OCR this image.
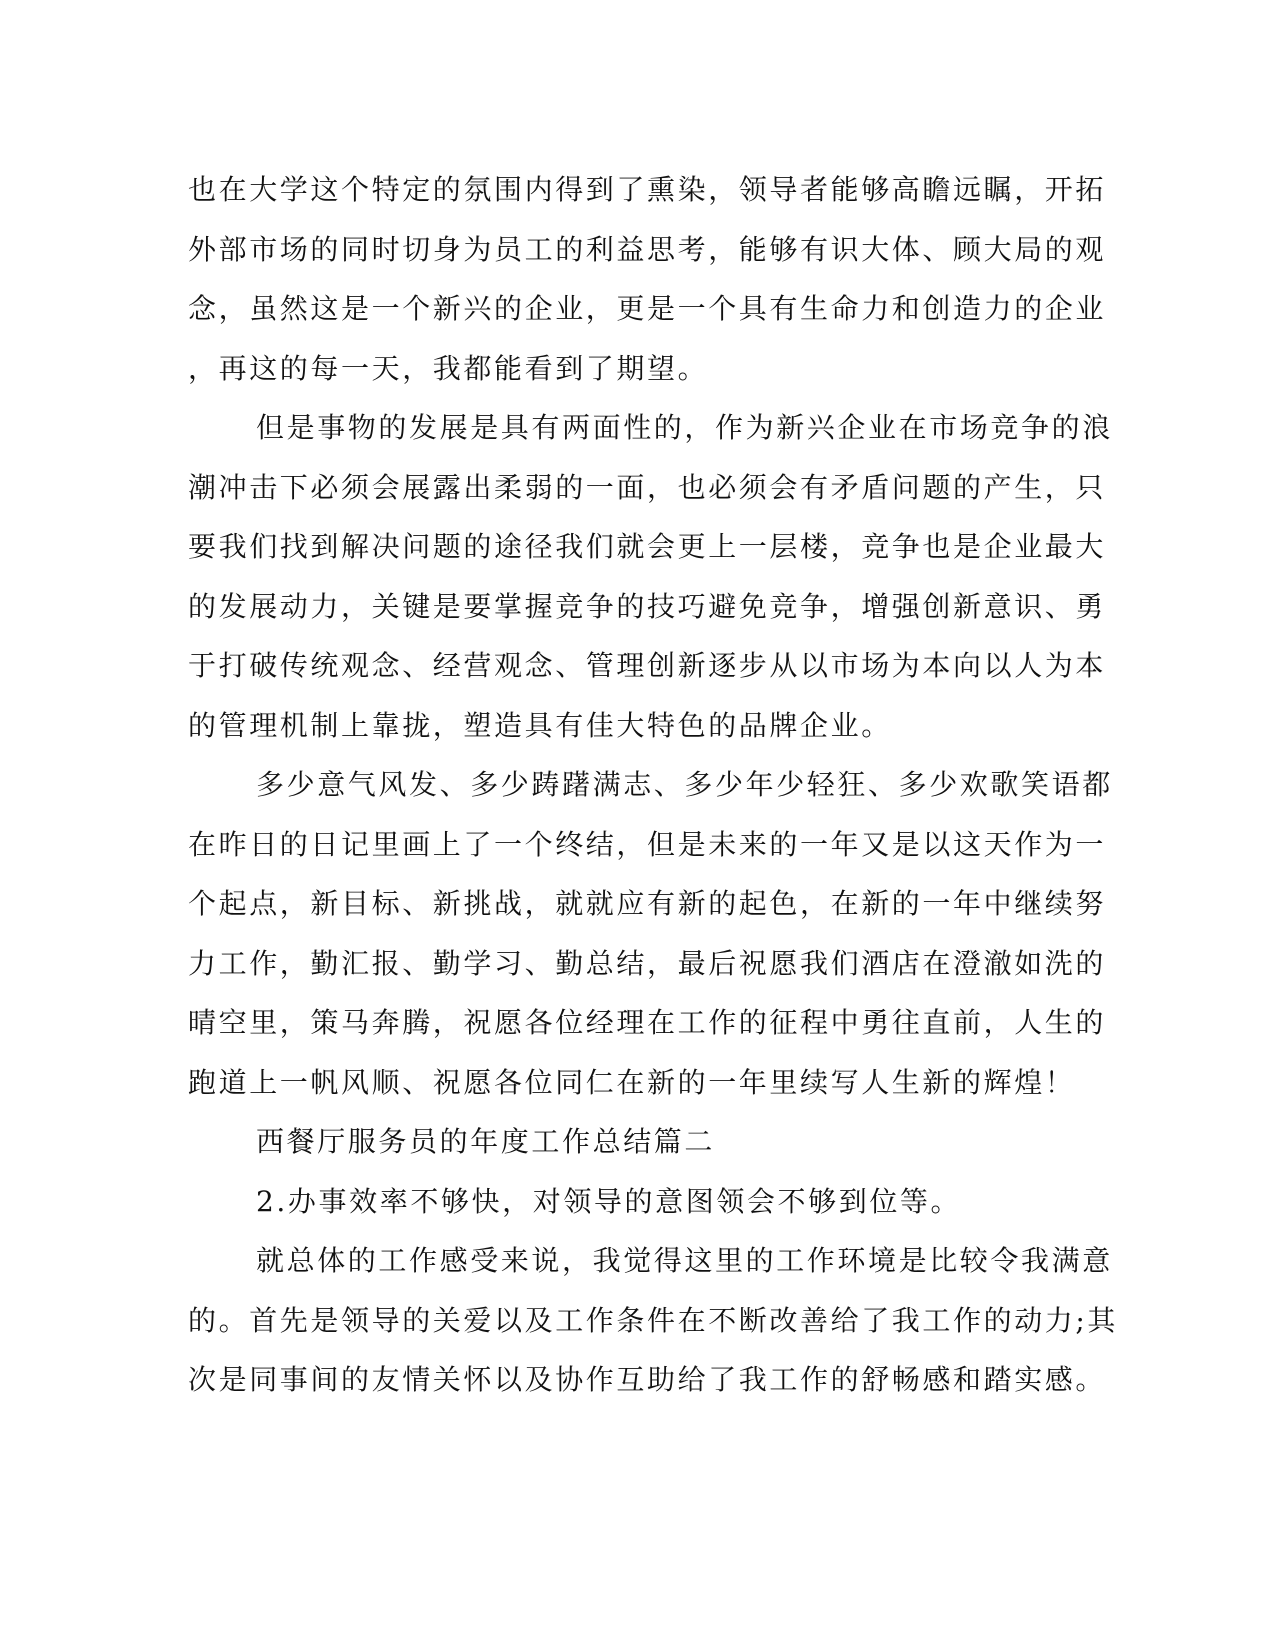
也在大学这个特定的氛围内得到了熏染，领导者能够高瞻远瞩，开拓
外部市场的同时切身为员工的利益思考，能够有识大体、顾大局的观
念，虽然这是一个新兴的企业，更是一个具有生命力和创造力的企业
，再这的每一天，我都能看到了期望。

但是事物的发展是具有两面性的，作为新兴企业在市场竞争的浪
潮冲击下必须会展露出柔弱的一面，也必须会有矛盾问题的产生，只
要我们找到解决问题的途径我们就会更上一层楼，竞争也是企业最大
的发展动力，关键是要掌握竞争的技巧避免竞争，增强创新意识、勇
于打破传统观念、经营观念、管理创新逐步从以市场为本向以人为本
的管理机制上靠拢，塑造具有佳大特色的品牌企业。

多少意气风发、多少踌躇满志、多少年少轻狂、多少欢歌笑语都
在昨日的日记里画上了一个终结，但是未来的一年又是以这天作为一
个起点，新目标、新挑战，就就应有新的起色，在新的一年中继续努
力工作，勤汇报、勤学习、勤总结，最后祝愿我们酒店在澄澈如洗的
晴空里，策马奔腾，祝愿各位经理在工作的征程中勇往直前，人生的
跑道上一帆风顺、祝愿各位同仁在新的一年里续写人生新的辉煌！

西餐厅服务员的年度工作总结篇二

2.办事效率不够快，对领导的意图领会不够到位等。

就总体的工作感受来说，我觉得这里的工作环境是比较令我满意
的。首先是领导的关爱以及工作条件在不断改善给了我工作的动力;其
次是同事间的友情关怀以及协作互助给了我工作的舒畅感和踏实感。
